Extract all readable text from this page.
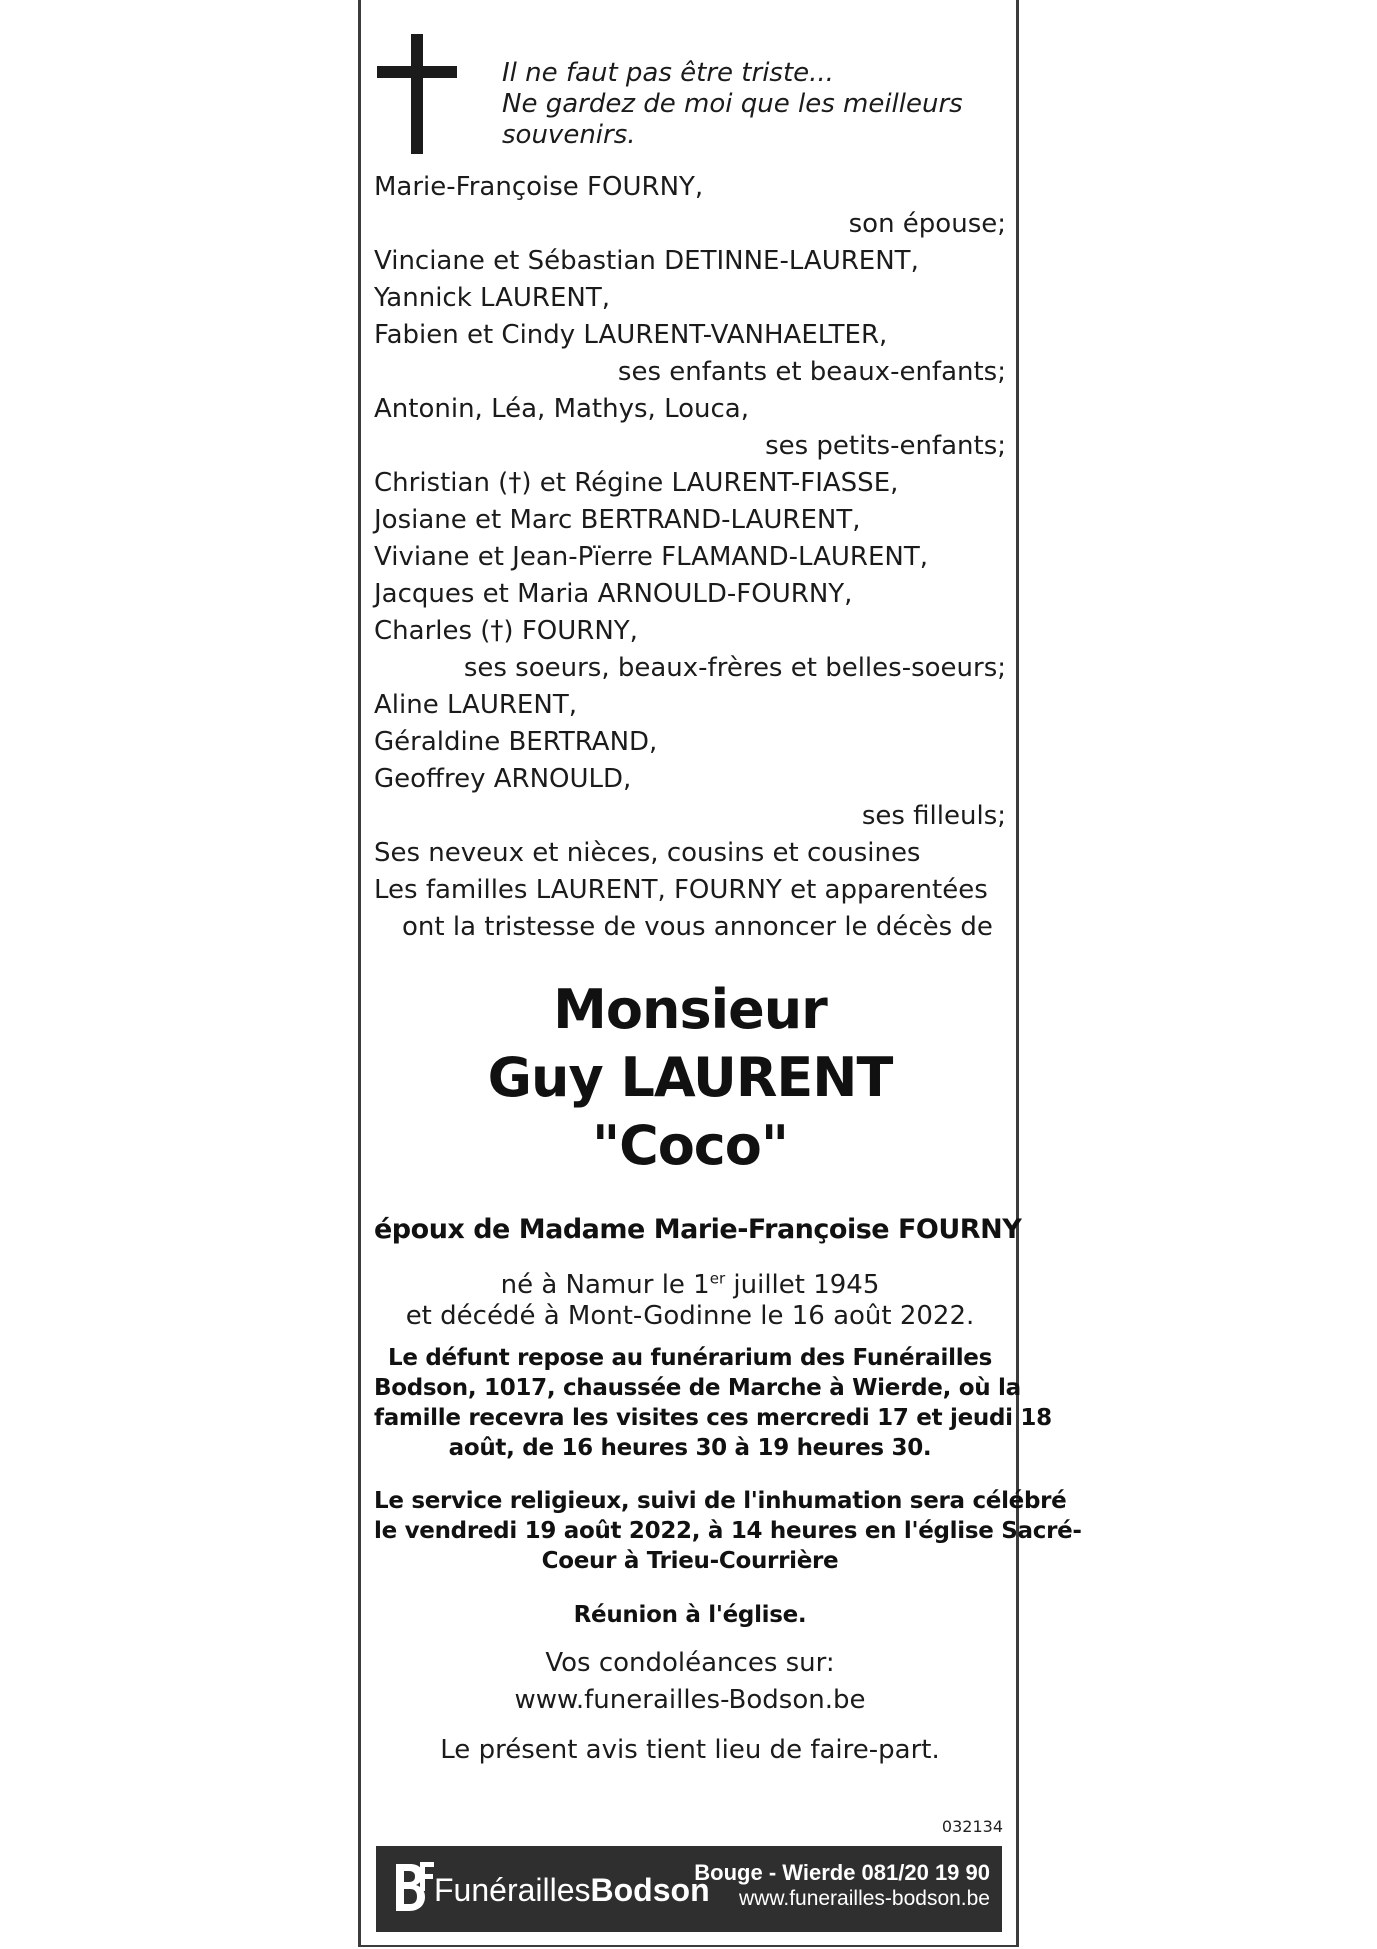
Il ne faut pas être triste...
Ne gardez de moi que les meilleurs
souvenirs.
Marie-Françoise FOURNY,
son épouse;
Vinciane et Sébastian DETINNE-LAURENT,
Yannick LAURENT,
Fabien et Cindy LAURENT-VANHAELTER,
ses enfants et beaux-enfants;
Antonin, Léa, Mathys, Louca,
ses petits-enfants;
Christian (†) et Régine LAURENT-FIASSE,
Josiane et Marc BERTRAND-LAURENT,
Viviane et Jean-Pïerre FLAMAND-LAURENT,
Jacques et Maria ARNOULD-FOURNY,
Charles (†) FOURNY,
ses soeurs, beaux-frères et belles-soeurs;
Aline LAURENT,
Géraldine BERTRAND,
Geoffrey ARNOULD,
ses filleuls;
Ses neveux et nièces, cousins et cousines
Les familles LAURENT, FOURNY et apparentées
ont la tristesse de vous annoncer le décès de
Monsieur
Guy LAURENT
"Coco"
époux de Madame Marie-Françoise FOURNY
né à Namur le 1er juillet 1945
et décédé à Mont-Godinne le 16 août 2022.
Le défunt repose au funérarium des Funérailles
Bodson, 1017, chaussée de Marche à Wierde, où la
famille recevra les visites ces mercredi 17 et jeudi 18
août, de 16 heures 30 à 19 heures 30.
Le service religieux, suivi de l'inhumation sera célébré
le vendredi 19 août 2022, à 14 heures en l'église Sacré-
Coeur à Trieu-Courrière
Réunion à l'église.
Vos condoléances sur:
www.funerailles-Bodson.be
Le présent avis tient lieu de faire-part.
032134
FunéraillesBodson
Bouge - Wierde 081/20 19 90
www.funerailles-bodson.be
